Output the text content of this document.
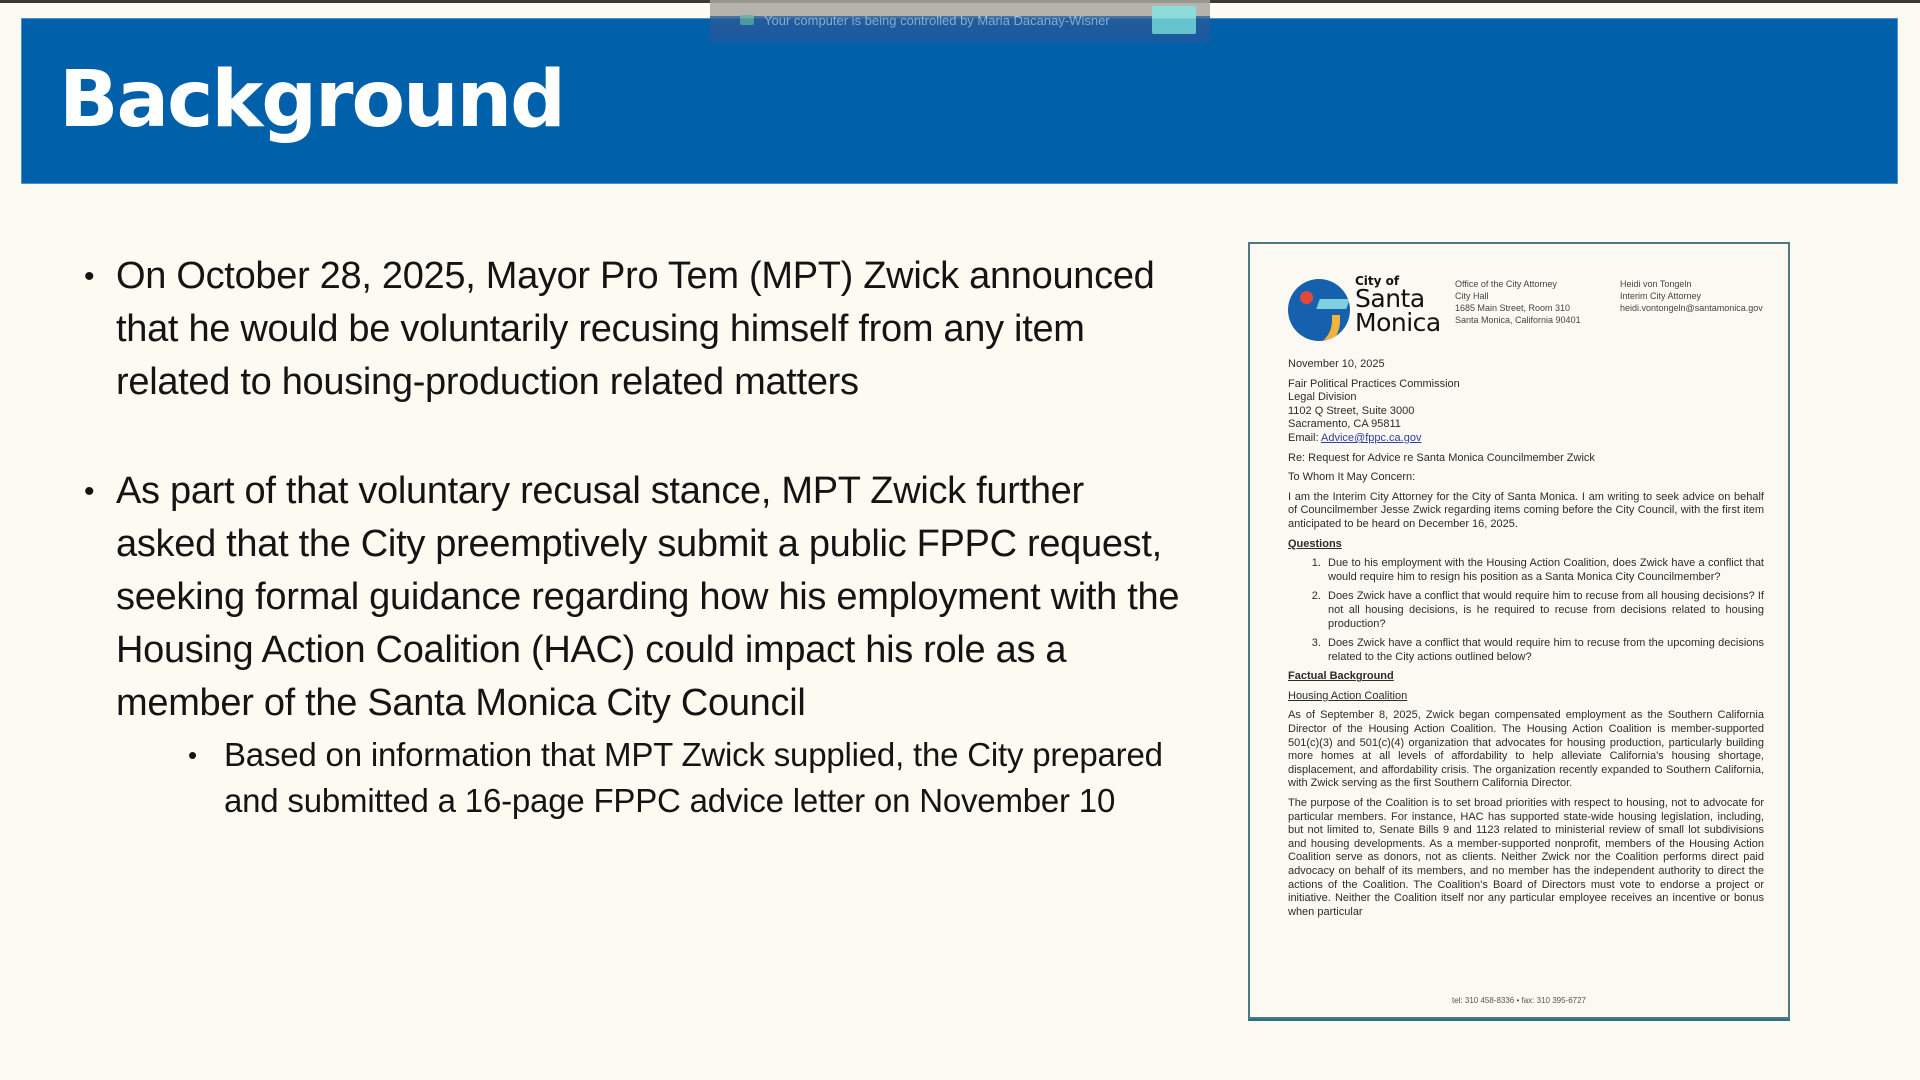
Background
Your computer is being controlled by Maria Dacanay-Wisner
• On October 28, 2025, Mayor Pro Tem (MPT) Zwick announced that he would be voluntarily recusing himself from any item related to housing-production related matters
• As part of that voluntary recusal stance, MPT Zwick further asked that the City preemptively submit a public FPPC request, seeking formal guidance regarding how his employment with the Housing Action Coalition (HAC) could impact his role as a member of the Santa Monica City Council
• Based on information that MPT Zwick supplied, the City prepared and submitted a 16-page FPPC advice letter on November 10
City of
Santa
Monica
Office of the City Attorney
City Hall
1685 Main Street, Room 310
Santa Monica, California 90401
Heidi von Tongeln
Interim City Attorney
heidi.vontongeln@santamonica.gov

November 10, 2025

Fair Political Practices Commission
Legal Division
1102 Q Street, Suite 3000
Sacramento, CA 95811
Email: Advice@fppc.ca.gov

Re: Request for Advice re Santa Monica Councilmember Zwick

To Whom It May Concern:

I am the Interim City Attorney for the City of Santa Monica. I am writing to seek advice on behalf of Councilmember Jesse Zwick regarding items coming before the City Council, with the first item anticipated to be heard on December 16, 2025.

Questions
1. Due to his employment with the Housing Action Coalition, does Zwick have a conflict that would require him to resign his position as a Santa Monica City Councilmember?
2. Does Zwick have a conflict that would require him to recuse from all housing decisions? If not all housing decisions, is he required to recuse from decisions related to housing production?
3. Does Zwick have a conflict that would require him to recuse from the upcoming decisions related to the City actions outlined below?
Factual Background
Housing Action Coalition

As of September 8, 2025, Zwick began compensated employment as the Southern California Director of the Housing Action Coalition. The Housing Action Coalition is member-supported 501(c)(3) and 501(c)(4) organization that advocates for housing production, particularly building more homes at all levels of affordability to help alleviate California's housing shortage, displacement, and affordability crisis. The organization recently expanded to Southern California, with Zwick serving as the first Southern California Director.

The purpose of the Coalition is to set broad priorities with respect to housing, not to advocate for particular members. For instance, HAC has supported state-wide housing legislation, including, but not limited to, Senate Bills 9 and 1123 related to ministerial review of small lot subdivisions and housing developments. As a member-supported nonprofit, members of the Housing Action Coalition serve as donors, not as clients. Neither Zwick nor the Coalition performs direct paid advocacy on behalf of its members, and no member has the independent authority to direct the actions of the Coalition. The Coalition's Board of Directors must vote to endorse a project or initiative. Neither the Coalition itself nor any particular employee receives an incentive or bonus when particular

tel: 310 458-8336 • fax: 310 395-6727
